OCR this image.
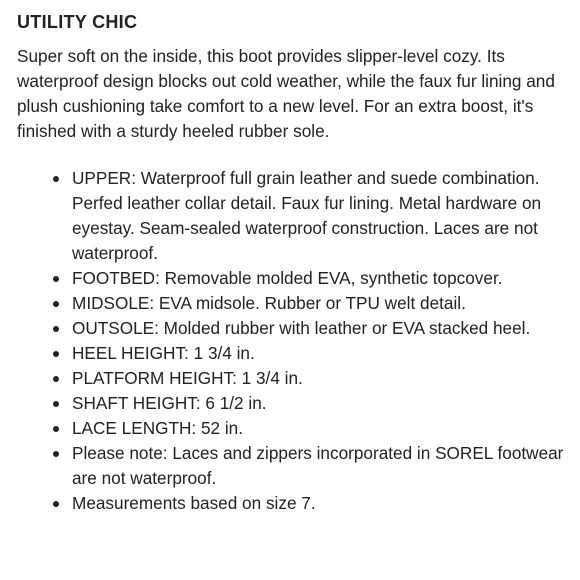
UTILITY CHIC

Super soft on the inside, this boot provides slipper-level cozy. Its waterproof design blocks out cold weather, while the faux fur lining and plush cushioning take comfort to a new level. For an extra boost, it's finished with a sturdy heeled rubber sole.

UPPER: Waterproof full grain leather and suede combination. Perfed leather collar detail. Faux fur lining. Metal hardware on eyestay. Seam-sealed waterproof construction. Laces are not waterproof.
FOOTBED: Removable molded EVA, synthetic topcover.
MIDSOLE: EVA midsole. Rubber or TPU welt detail.
OUTSOLE: Molded rubber with leather or EVA stacked heel.
HEEL HEIGHT: 1 3/4 in.
PLATFORM HEIGHT: 1 3/4 in.
SHAFT HEIGHT: 6 1/2 in.
LACE LENGTH: 52 in.
Please note: Laces and zippers incorporated in SOREL footwear are not waterproof.
Measurements based on size 7.
